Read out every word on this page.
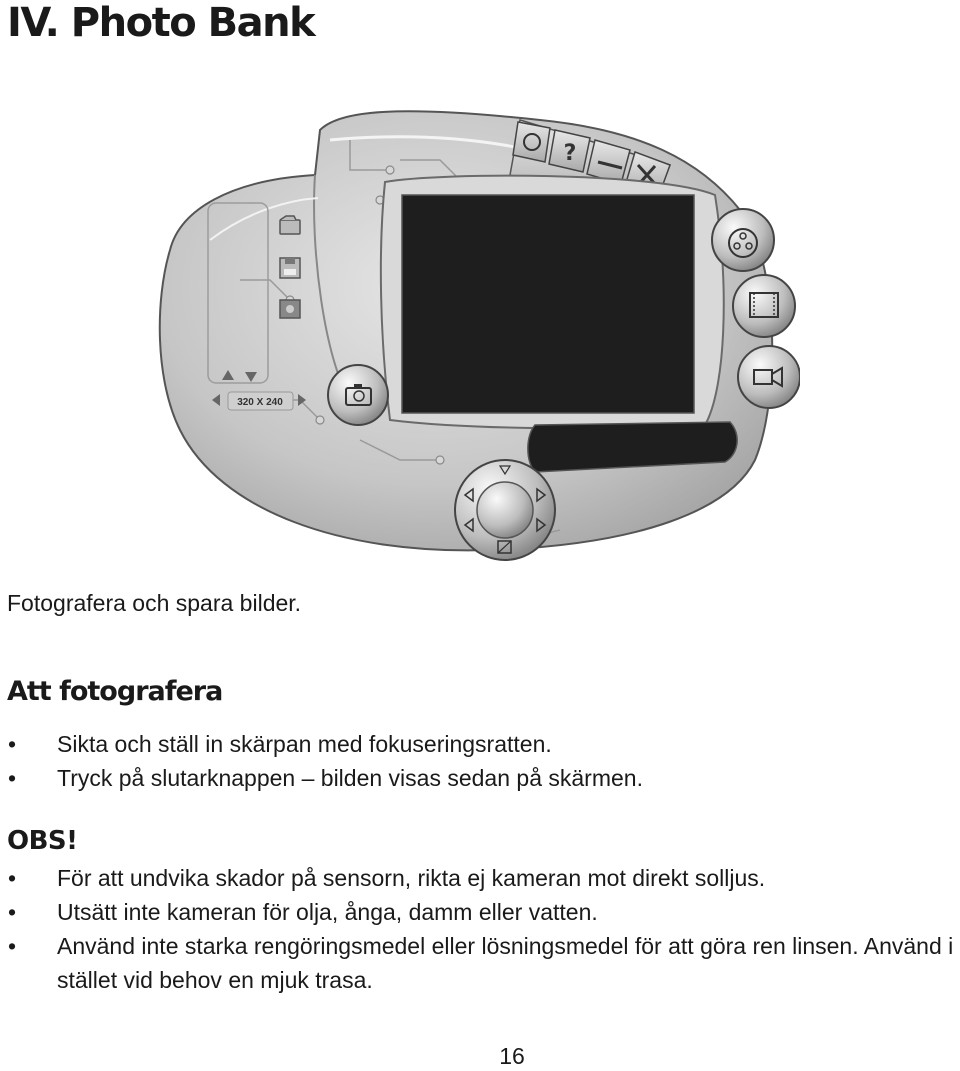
IV. Photo Bank
320 X 240
?
Fotografera och spara bilder.
Att fotografera
• Sikta och ställ in skärpan med fokuseringsratten.
• Tryck på slutarknappen – bilden visas sedan på skärmen.
OBS!
• För att undvika skador på sensorn, rikta ej kameran mot direkt solljus.
• Utsätt inte kameran för olja, ånga, damm eller vatten.
• Använd inte starka rengöringsmedel eller lösningsmedel för att göra ren linsen. Använd i stället vid behov en mjuk trasa.
16
